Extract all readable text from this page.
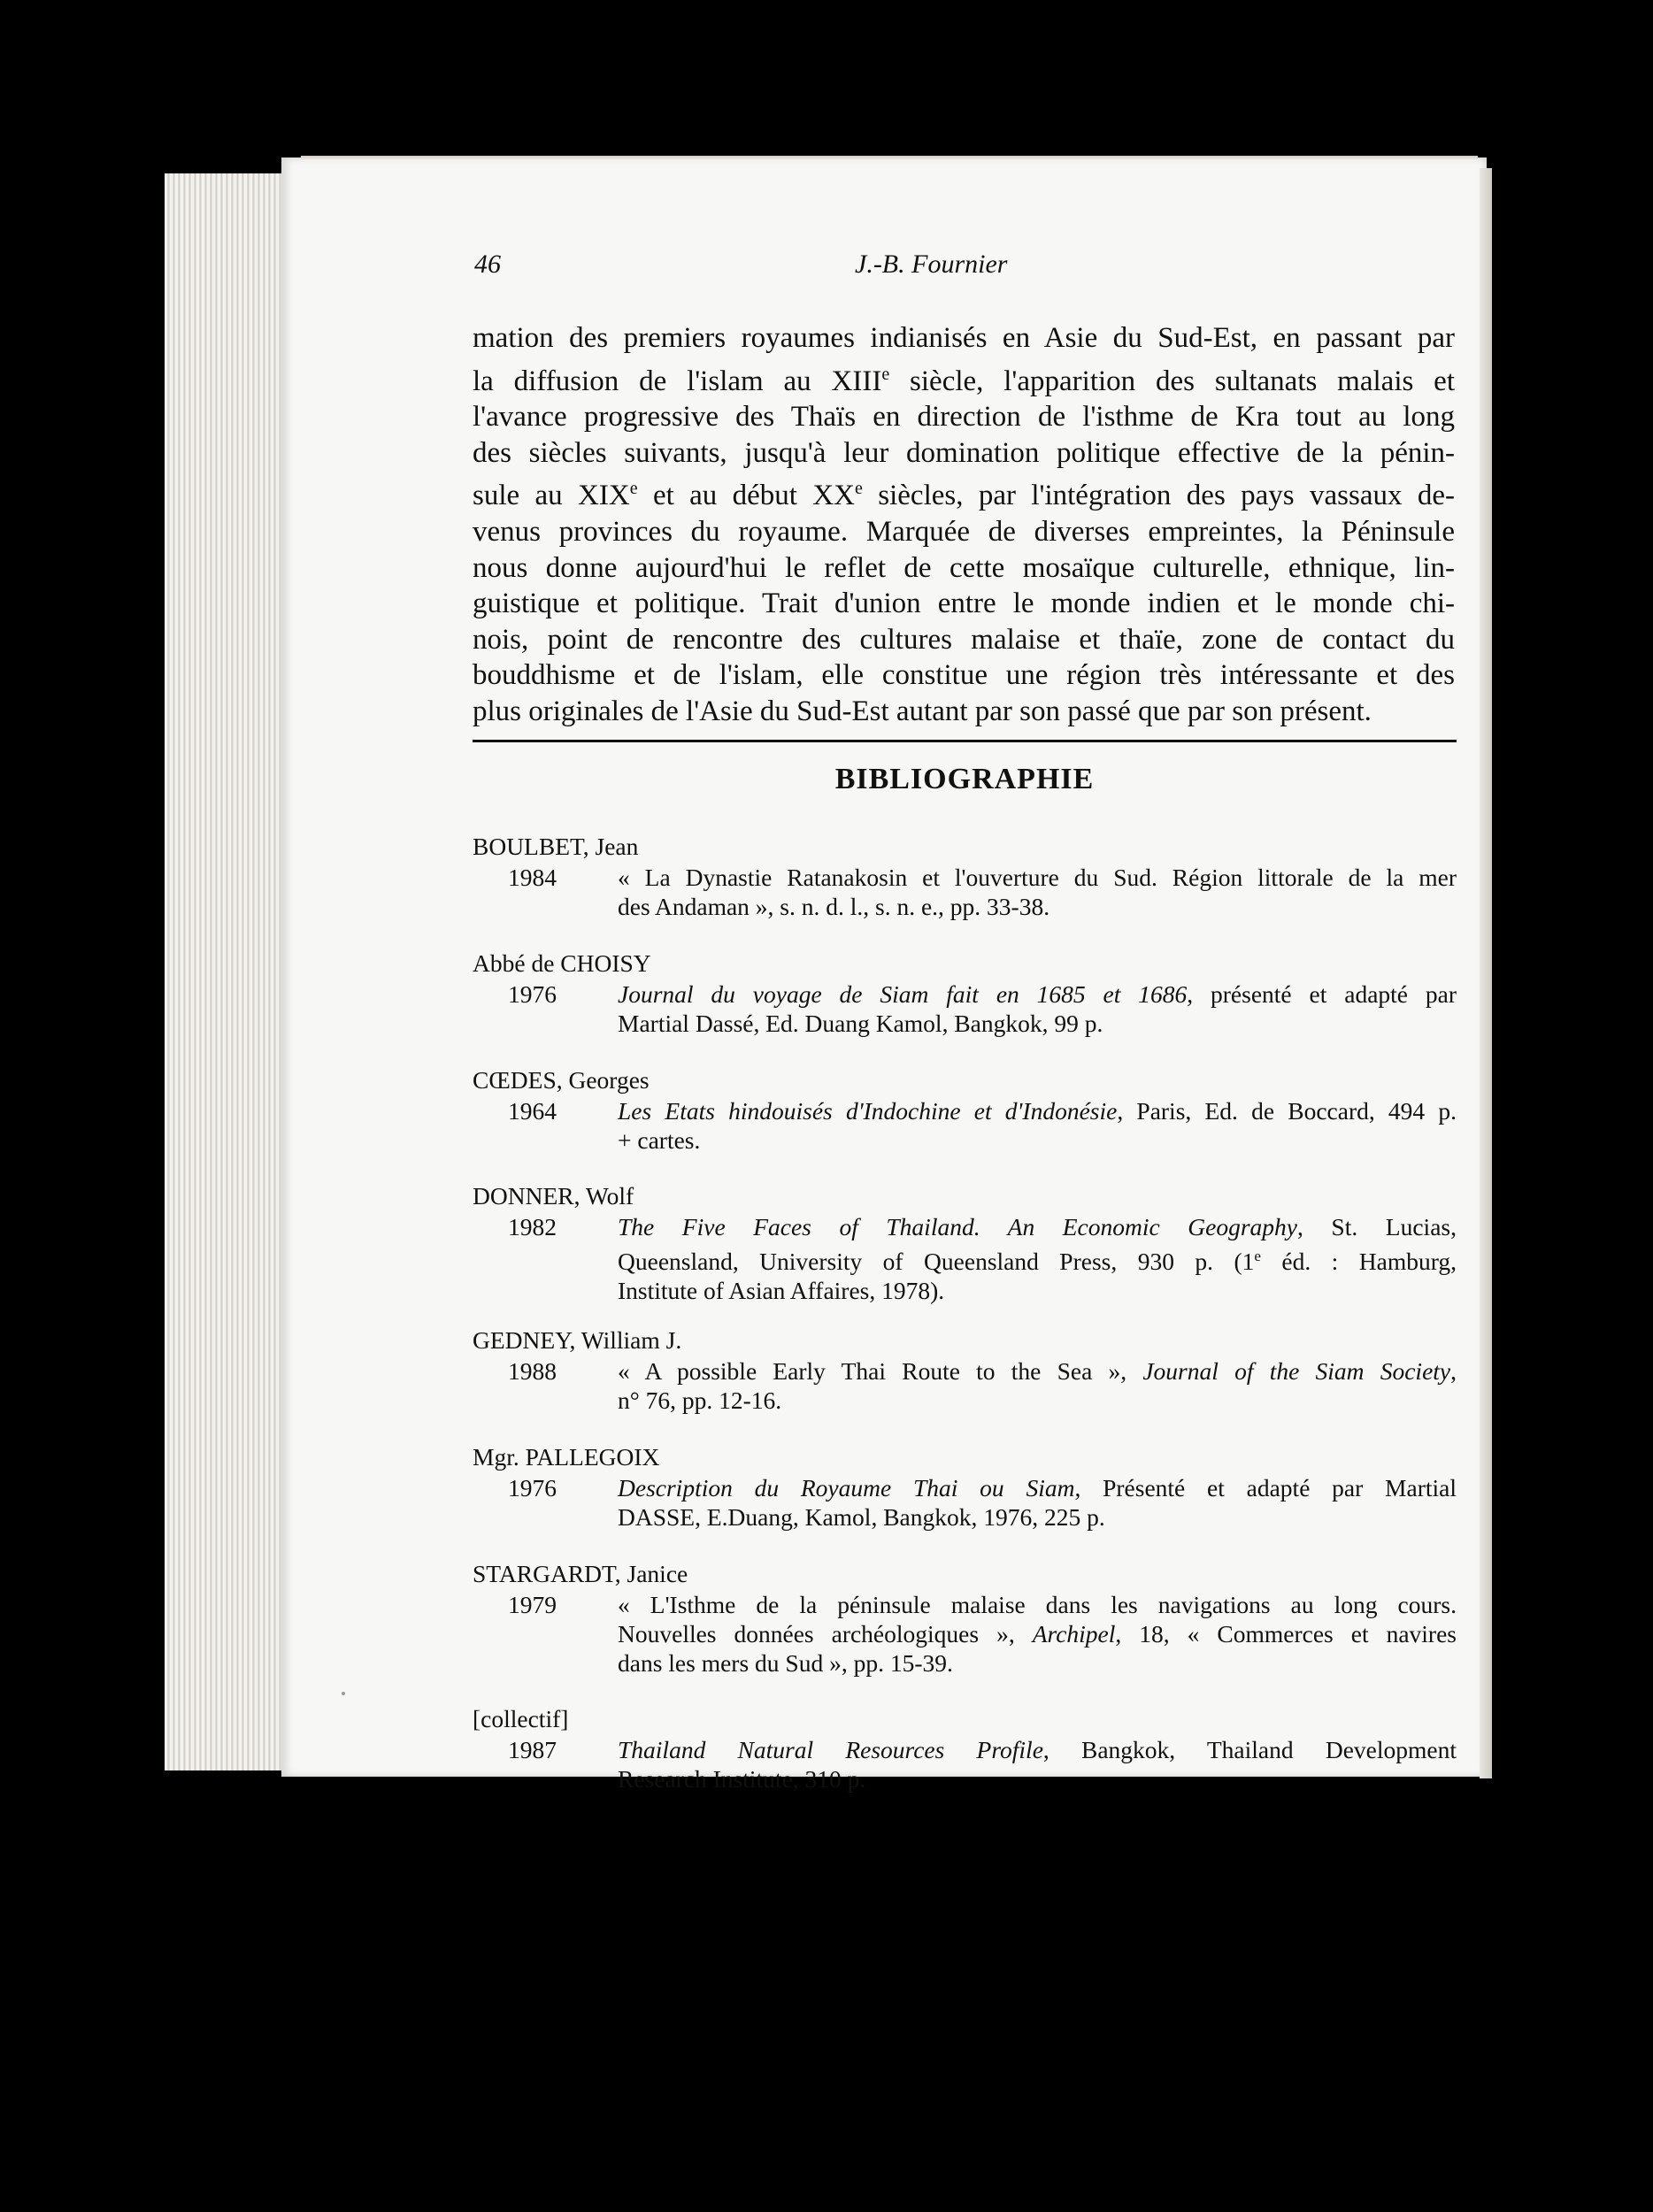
46	J.-B. Fournier
mation des premiers royaumes indianisés en Asie du Sud-Est, en passant par
la diffusion de l'islam au XIIIe siècle, l'apparition des sultanats malais et
l'avance progressive des Thaïs en direction de l'isthme de Kra tout au long
des siècles suivants, jusqu'à leur domination politique effective de la pénin-
sule au XIXe et au début XXe siècles, par l'intégration des pays vassaux de-
venus provinces du royaume. Marquée de diverses empreintes, la Péninsule
nous donne aujourd'hui le reflet de cette mosaïque culturelle, ethnique, lin-
guistique et politique. Trait d'union entre le monde indien et le monde chi-
nois, point de rencontre des cultures malaise et thaïe, zone de contact du
bouddhisme et de l'islam, elle constitue une région très intéressante et des
plus originales de l'Asie du Sud-Est autant par son passé que par son présent.
BIBLIOGRAPHIE
BOULBET, Jean
1984	« La Dynastie Ratanakosin et l'ouverture du Sud. Région littorale de la mer
des Andaman », s. n. d. l., s. n. e., pp. 33-38.
Abbé de CHOISY
1976	Journal du voyage de Siam fait en 1685 et 1686, présenté et adapté par
Martial Dassé, Ed. Duang Kamol, Bangkok, 99 p.
CŒDES, Georges
1964	Les Etats hindouisés d'Indochine et d'Indonésie, Paris, Ed. de Boccard, 494 p.
+ cartes.
DONNER, Wolf
1982	The Five Faces of Thailand. An Economic Geography, St. Lucias,
Queensland, University of Queensland Press, 930 p. (1e éd. : Hamburg,
Institute of Asian Affaires, 1978).
GEDNEY, William J.
1988	« A possible Early Thai Route to the Sea », Journal of the Siam Society,
n° 76, pp. 12-16.
Mgr. PALLEGOIX
1976	Description du Royaume Thai ou Siam, Présenté et adapté par Martial
DASSE, E.Duang, Kamol, Bangkok, 1976, 225 p.
STARGARDT, Janice
1979	« L'Isthme de la péninsule malaise dans les navigations au long cours.
Nouvelles données archéologiques », Archipel, 18, « Commerces et navires
dans les mers du Sud », pp. 15-39.
[collectif]
1987	Thailand Natural Resources Profile, Bangkok, Thailand Development
Research Institute, 310 p.
